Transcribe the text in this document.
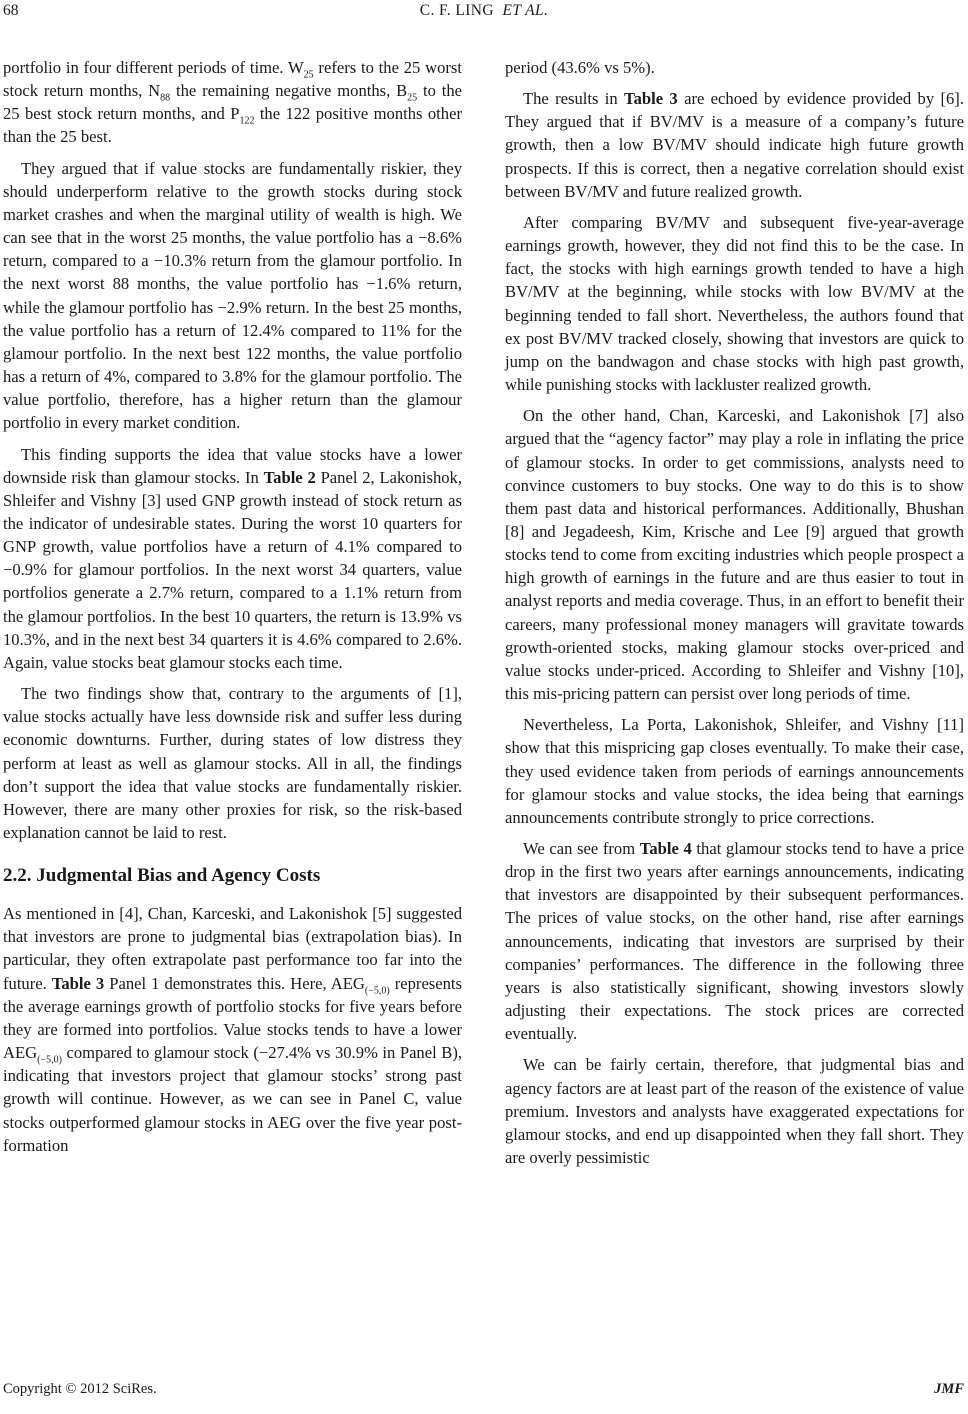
68	C. F. LING ET AL.

portfolio in four different periods of time. $W_{25}$ refers to the 25 worst stock return months, $N_{88}$ the remaining negative months, $B_{25}$ to the 25 best stock return months, and $P_{122}$ the 122 positive months other than the 25 best.

They argued that if value stocks are fundamentally riskier, they should underperform relative to the growth stocks during stock market crashes and when the marginal utility of wealth is high. We can see that in the worst 25 months, the value portfolio has a −8.6% return, compared to a −10.3% return from the glamour portfolio. In the next worst 88 months, the value portfolio has −1.6% return, while the glamour portfolio has −2.9% return. In the best 25 months, the value portfolio has a return of 12.4% compared to 11% for the glamour portfolio. In the next best 122 months, the value portfolio has a return of 4%, compared to 3.8% for the glamour portfolio. The value portfolio, therefore, has a higher return than the glamour portfolio in every market condition.

This finding supports the idea that value stocks have a lower downside risk than glamour stocks. In Table 2 Panel 2, Lakonishok, Shleifer and Vishny [3] used GNP growth instead of stock return as the indicator of undesirable states. During the worst 10 quarters for GNP growth, value portfolios have a return of 4.1% compared to −0.9% for glamour portfolios. In the next worst 34 quarters, value portfolios generate a 2.7% return, compared to a 1.1% return from the glamour portfolios. In the best 10 quarters, the return is 13.9% vs 10.3%, and in the next best 34 quarters it is 4.6% compared to 2.6%. Again, value stocks beat glamour stocks each time.

The two findings show that, contrary to the arguments of [1], value stocks actually have less downside risk and suffer less during economic downturns. Further, during states of low distress they perform at least as well as glamour stocks. All in all, the findings don’t support the idea that value stocks are fundamentally riskier. However, there are many other proxies for risk, so the risk-based explanation cannot be laid to rest.

2.2. Judgmental Bias and Agency Costs

As mentioned in [4], Chan, Karceski, and Lakonishok [5] suggested that investors are prone to judgmental bias (extrapolation bias). In particular, they often extrapolate past performance too far into the future. Table 3 Panel 1 demonstrates this. Here, $AEG_{(-5,0)}$ represents the average earnings growth of portfolio stocks for five years before they are formed into portfolios. Value stocks tends to have a lower $AEG_{(-5,0)}$ compared to glamour stock (−27.4% vs 30.9% in Panel B), indicating that investors project that glamour stocks’ strong past growth will continue. However, as we can see in Panel C, value stocks outperformed glamour stocks in AEG over the five year post-formation

period (43.6% vs 5%).

The results in Table 3 are echoed by evidence provided by [6]. They argued that if BV/MV is a measure of a company’s future growth, then a low BV/MV should indicate high future growth prospects. If this is correct, then a negative correlation should exist between BV/MV and future realized growth.

After comparing BV/MV and subsequent five-year-average earnings growth, however, they did not find this to be the case. In fact, the stocks with high earnings growth tended to have a high BV/MV at the beginning, while stocks with low BV/MV at the beginning tended to fall short. Nevertheless, the authors found that ex post BV/MV tracked closely, showing that investors are quick to jump on the bandwagon and chase stocks with high past growth, while punishing stocks with lackluster realized growth.

On the other hand, Chan, Karceski, and Lakonishok [7] also argued that the “agency factor” may play a role in inflating the price of glamour stocks. In order to get commissions, analysts need to convince customers to buy stocks. One way to do this is to show them past data and historical performances. Additionally, Bhushan [8] and Jegadeesh, Kim, Krische and Lee [9] argued that growth stocks tend to come from exciting industries which people prospect a high growth of earnings in the future and are thus easier to tout in analyst reports and media coverage. Thus, in an effort to benefit their careers, many professional money managers will gravitate towards growth-oriented stocks, making glamour stocks over-priced and value stocks under-priced. According to Shleifer and Vishny [10], this mis-pricing pattern can persist over long periods of time.

Nevertheless, La Porta, Lakonishok, Shleifer, and Vishny [11] show that this mispricing gap closes eventually. To make their case, they used evidence taken from periods of earnings announcements for glamour stocks and value stocks, the idea being that earnings announcements contribute strongly to price corrections.

We can see from Table 4 that glamour stocks tend to have a price drop in the first two years after earnings announcements, indicating that investors are disappointed by their subsequent performances. The prices of value stocks, on the other hand, rise after earnings announcements, indicating that investors are surprised by their companies’ performances. The difference in the following three years is also statistically significant, showing investors slowly adjusting their expectations. The stock prices are corrected eventually.

We can be fairly certain, therefore, that judgmental bias and agency factors are at least part of the reason of the existence of value premium. Investors and analysts have exaggerated expectations for glamour stocks, and end up disappointed when they fall short. They are overly pessimistic

Copyright © 2012 SciRes.	JMF
